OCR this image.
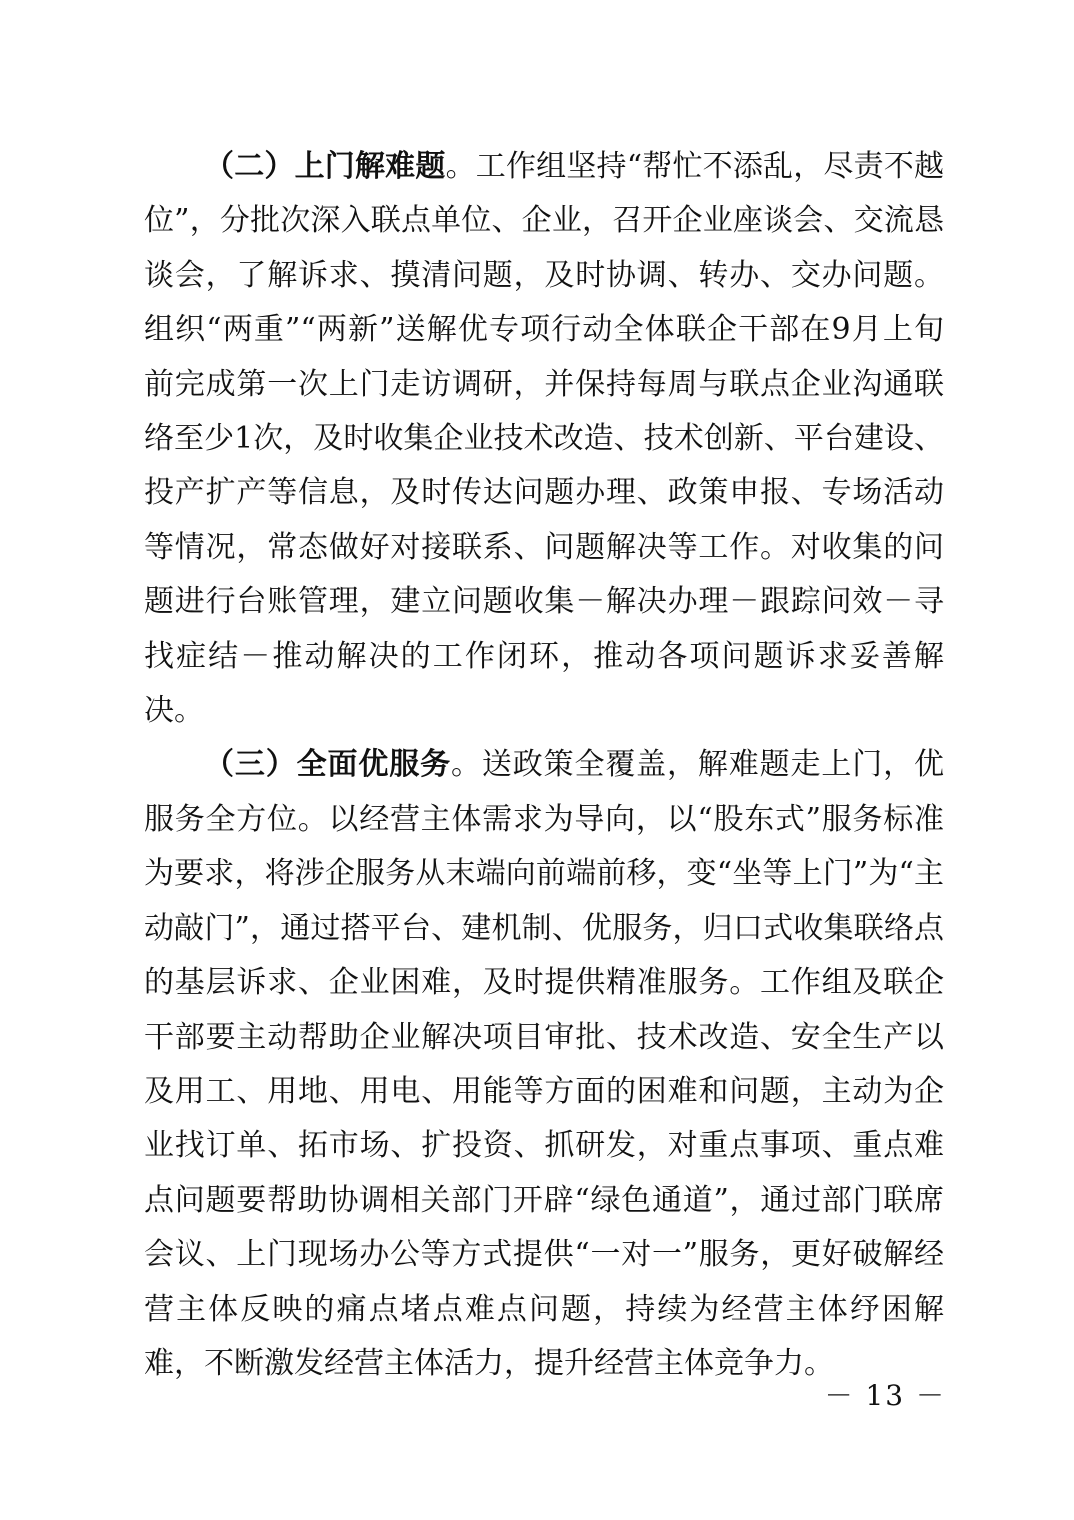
（二）上门解难题。工作组坚持“帮忙不添乱，尽责不越位”，分批次深入联点单位、企业，召开企业座谈会、交流恳谈会，了解诉求、摸清问题，及时协调、转办、交办问题。组织“两重”“两新”送解优专项行动全体联企干部在9月上旬前完成第一次上门走访调研，并保持每周与联点企业沟通联络至少1次，及时收集企业技术改造、技术创新、平台建设、投产扩产等信息，及时传达问题办理、政策申报、专场活动等情况，常态做好对接联系、问题解决等工作。对收集的问题进行台账管理，建立问题收集－解决办理－跟踪问效－寻找症结－推动解决的工作闭环，推动各项问题诉求妥善解决。

（三）全面优服务。送政策全覆盖，解难题走上门，优服务全方位。以经营主体需求为导向，以“股东式”服务标准为要求，将涉企服务从末端向前端前移，变“坐等上门”为“主动敲门”，通过搭平台、建机制、优服务，归口式收集联络点的基层诉求、企业困难，及时提供精准服务。工作组及联企干部要主动帮助企业解决项目审批、技术改造、安全生产以及用工、用地、用电、用能等方面的困难和问题，主动为企业找订单、拓市场、扩投资、抓研发，对重点事项、重点难点问题要帮助协调相关部门开辟“绿色通道”，通过部门联席会议、上门现场办公等方式提供“一对一”服务，更好破解经营主体反映的痛点堵点难点问题，持续为经营主体纾困解难，不断激发经营主体活力，提升经营主体竞争力。

－ 13 －
